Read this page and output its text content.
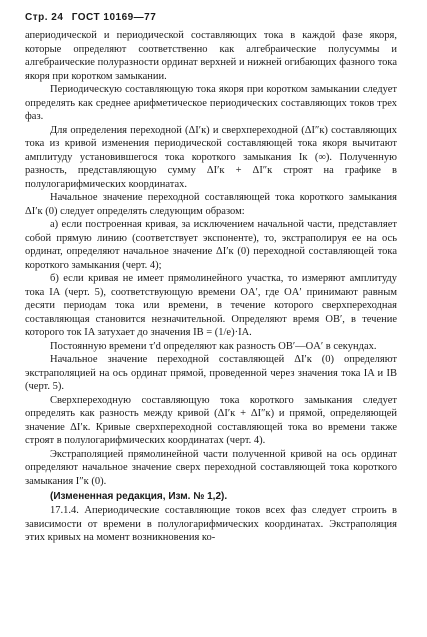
Стр. 24 ГОСТ 10169—77

апериодической и периодической составляющих тока в каждой фазе якоря, которые определяют соответственно как алгебраические полусуммы и алгебраические полуразности ординат верхней и нижней огибающих фазного тока якоря при коротком замыкании.

Периодическую составляющую тока якоря при коротком замыкании следует определять как среднее арифметическое периодических составляющих токов трех фаз.

Для определения переходной (ΔI′к) и сверхпереходной (ΔI″к) составляющих тока из кривой изменения периодической составляющей тока якоря вычитают амплитуду установившегося тока короткого замыкания Iк (∞). Полученную разность, представляющую сумму ΔI′к + ΔI″к строят на графике в полулогарифмических координатах.

Начальное значение переходной составляющей тока короткого замыкания ΔI′к (0) следует определять следующим образом:

а) если построенная кривая, за исключением начальной части, представляет собой прямую линию (соответствует экспоненте), то, экстраполируя ее на ось ординат, определяют начальное значение ΔI′к (0) переходной составляющей тока короткого замыкания (черт. 4);

б) если кривая не имеет прямолинейного участка, то измеряют амплитуду тока IA (черт. 5), соответствующую времени OA′, где OA′ принимают равным десяти периодам тока или времени, в течение которого сверхпереходная составляющая становится незначительной. Определяют время OB′, в течение которого ток IA затухает до значения IB = (1/e)·IA.

Постоянную времени τ′d определяют как разность OB′—OA′ в секундах.

Начальное значение переходной составляющей ΔI′к (0) определяют экстраполяцией на ось ординат прямой, проведенной через значения тока IA и IB (черт. 5).

Сверхпереходную составляющую тока короткого замыкания следует определять как разность между кривой (ΔI′к + ΔI″к) и прямой, определяющей значение ΔI′к. Кривые сверхпереходной составляющей тока во времени также строят в полулогарифмических координатах (черт. 4).

Экстраполяцией прямолинейной части полученной кривой на ось ординат определяют начальное значение сверх переходной составляющей тока короткого замыкания I″к (0).

(Измененная редакция, Изм. № 1,2).

17.1.4. Апериодические составляющие токов всех фаз следует строить в зависимости от времени в полулогарифмических координатах. Экстраполяция этих кривых на момент возникновения ко-
